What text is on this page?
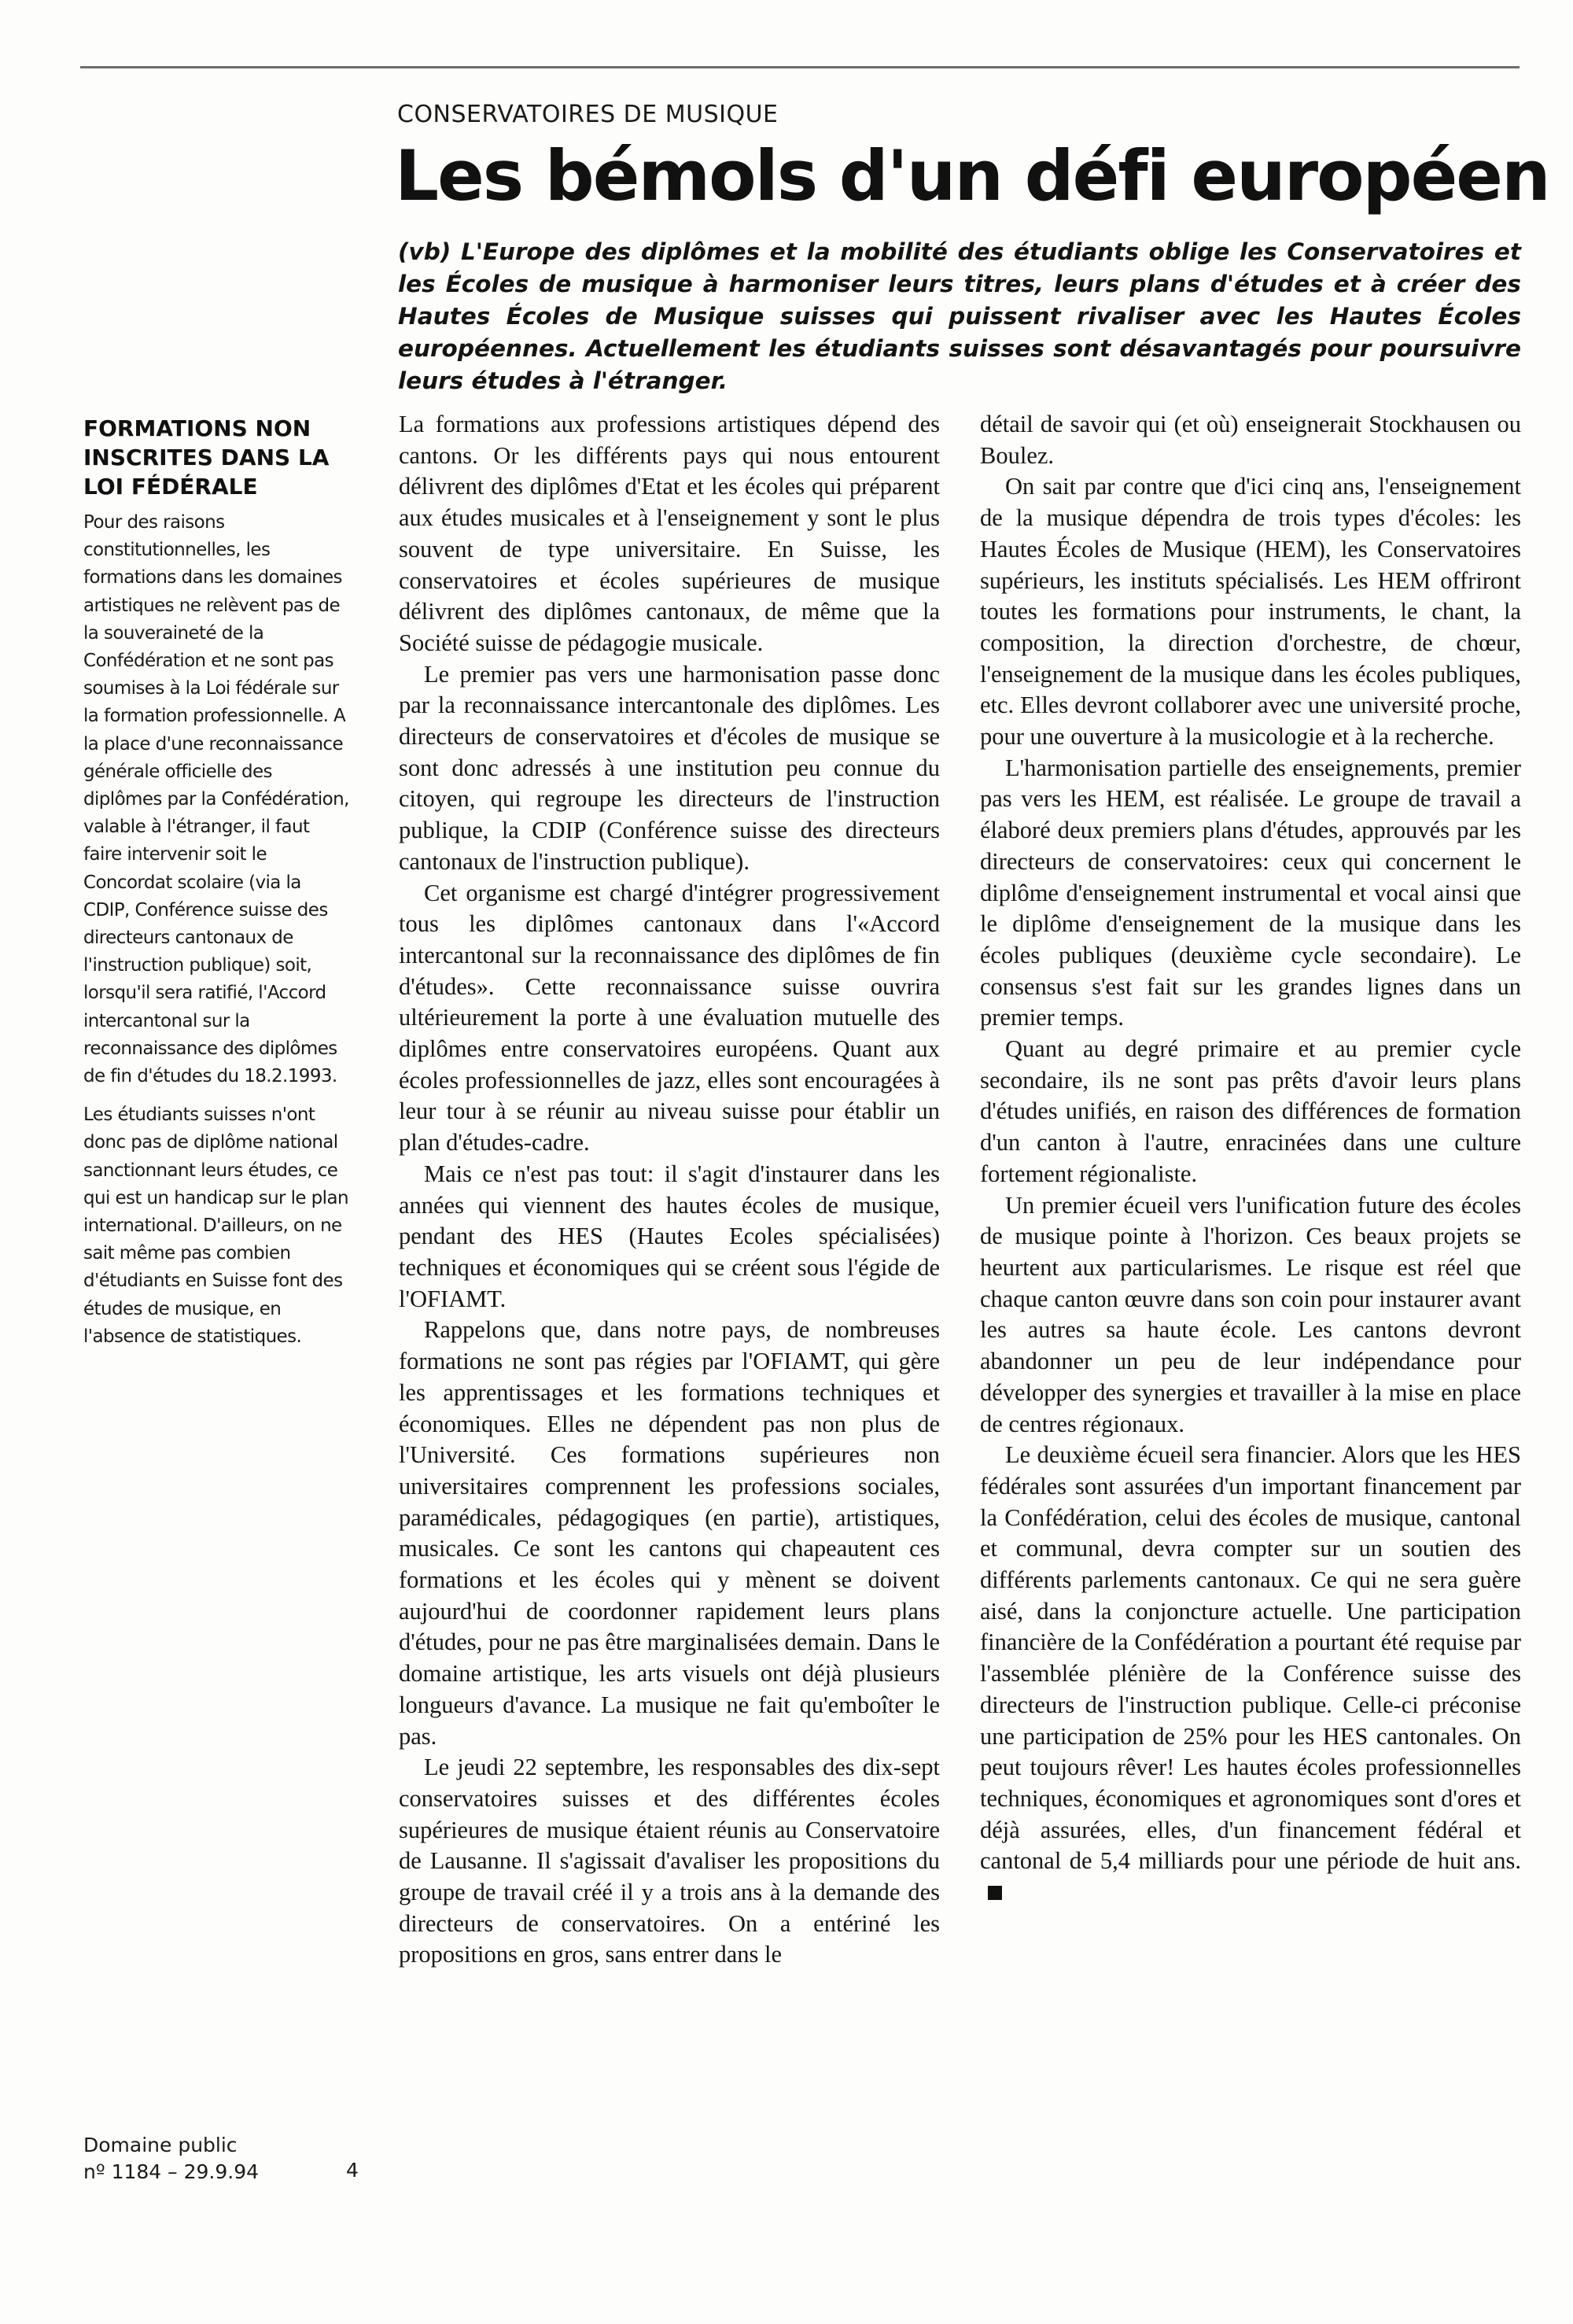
CONSERVATOIRES DE MUSIQUE

Les bémols d'un défi européen

(vb) L'Europe des diplômes et la mobilité des étudiants oblige les Conservatoires et les Écoles de musique à harmoniser leurs titres, leurs plans d'études et à créer des Hautes Écoles de Musique suisses qui puissent rivaliser avec les Hautes Écoles européennes. Actuellement les étudiants suisses sont désavantagés pour poursuivre leurs études à l'étranger.

FORMATIONS NON INSCRITES DANS LA LOI FÉDÉRALE

Pour des raisons constitutionnelles, les formations dans les domaines artistiques ne relèvent pas de la souveraineté de la Confédération et ne sont pas soumises à la Loi fédérale sur la formation professionnelle. A la place d'une reconnaissance générale officielle des diplômes par la Confédération, valable à l'étranger, il faut faire intervenir soit le Concordat scolaire (via la CDIP, Conférence suisse des directeurs cantonaux de l'instruction publique) soit, lorsqu'il sera ratifié, l'Accord intercantonal sur la reconnaissance des diplômes de fin d'études du 18.2.1993.

Les étudiants suisses n'ont donc pas de diplôme national sanctionnant leurs études, ce qui est un handicap sur le plan international. D'ailleurs, on ne sait même pas combien d'étudiants en Suisse font des études de musique, en l'absence de statistiques.

La formations aux professions artistiques dépend des cantons. Or les différents pays qui nous entourent délivrent des diplômes d'Etat et les écoles qui préparent aux études musicales et à l'enseignement y sont le plus souvent de type universitaire. En Suisse, les conservatoires et écoles supérieures de musique délivrent des diplômes cantonaux, de même que la Société suisse de pédagogie musicale.

Le premier pas vers une harmonisation passe donc par la reconnaissance intercantonale des diplômes. Les directeurs de conservatoires et d'écoles de musique se sont donc adressés à une institution peu connue du citoyen, qui regroupe les directeurs de l'instruction publique, la CDIP (Conférence suisse des directeurs cantonaux de l'instruction publique).

Cet organisme est chargé d'intégrer progressivement tous les diplômes cantonaux dans l'«Accord intercantonal sur la reconnaissance des diplômes de fin d'études». Cette reconnaissance suisse ouvrira ultérieurement la porte à une évaluation mutuelle des diplômes entre conservatoires européens. Quant aux écoles professionnelles de jazz, elles sont encouragées à leur tour à se réunir au niveau suisse pour établir un plan d'études-cadre.

Mais ce n'est pas tout: il s'agit d'instaurer dans les années qui viennent des hautes écoles de musique, pendant des HES (Hautes Ecoles spécialisées) techniques et économiques qui se créent sous l'égide de l'OFIAMT.

Rappelons que, dans notre pays, de nombreuses formations ne sont pas régies par l'OFIAMT, qui gère les apprentissages et les formations techniques et économiques. Elles ne dépendent pas non plus de l'Université. Ces formations supérieures non universitaires comprennent les professions sociales, paramédicales, pédagogiques (en partie), artistiques, musicales. Ce sont les cantons qui chapeautent ces formations et les écoles qui y mènent se doivent aujourd'hui de coordonner rapidement leurs plans d'études, pour ne pas être marginalisées demain. Dans le domaine artistique, les arts visuels ont déjà plusieurs longueurs d'avance. La musique ne fait qu'emboîter le pas.

Le jeudi 22 septembre, les responsables des dix-sept conservatoires suisses et des différentes écoles supérieures de musique étaient réunis au Conservatoire de Lausanne. Il s'agissait d'avaliser les propositions du groupe de travail créé il y a trois ans à la demande des directeurs de conservatoires. On a entériné les propositions en gros, sans entrer dans le

détail de savoir qui (et où) enseignerait Stockhausen ou Boulez.

On sait par contre que d'ici cinq ans, l'enseignement de la musique dépendra de trois types d'écoles: les Hautes Écoles de Musique (HEM), les Conservatoires supérieurs, les instituts spécialisés. Les HEM offriront toutes les formations pour instruments, le chant, la composition, la direction d'orchestre, de chœur, l'enseignement de la musique dans les écoles publiques, etc. Elles devront collaborer avec une université proche, pour une ouverture à la musicologie et à la recherche.

L'harmonisation partielle des enseignements, premier pas vers les HEM, est réalisée. Le groupe de travail a élaboré deux premiers plans d'études, approuvés par les directeurs de conservatoires: ceux qui concernent le diplôme d'enseignement instrumental et vocal ainsi que le diplôme d'enseignement de la musique dans les écoles publiques (deuxième cycle secondaire). Le consensus s'est fait sur les grandes lignes dans un premier temps.

Quant au degré primaire et au premier cycle secondaire, ils ne sont pas prêts d'avoir leurs plans d'études unifiés, en raison des différences de formation d'un canton à l'autre, enracinées dans une culture fortement régionaliste.

Un premier écueil vers l'unification future des écoles de musique pointe à l'horizon. Ces beaux projets se heurtent aux particularismes. Le risque est réel que chaque canton œuvre dans son coin pour instaurer avant les autres sa haute école. Les cantons devront abandonner un peu de leur indépendance pour développer des synergies et travailler à la mise en place de centres régionaux.

Le deuxième écueil sera financier. Alors que les HES fédérales sont assurées d'un important financement par la Confédération, celui des écoles de musique, cantonal et communal, devra compter sur un soutien des différents parlements cantonaux. Ce qui ne sera guère aisé, dans la conjoncture actuelle. Une participation financière de la Confédération a pourtant été requise par l'assemblée plénière de la Conférence suisse des directeurs de l'instruction publique. Celle-ci préconise une participation de 25% pour les HES cantonales. On peut toujours rêver! Les hautes écoles professionnelles techniques, économiques et agronomiques sont d'ores et déjà assurées, elles, d'un financement fédéral et cantonal de 5,4 milliards pour une période de huit ans.

Domaine public
nº 1184 – 29.9.94	4
